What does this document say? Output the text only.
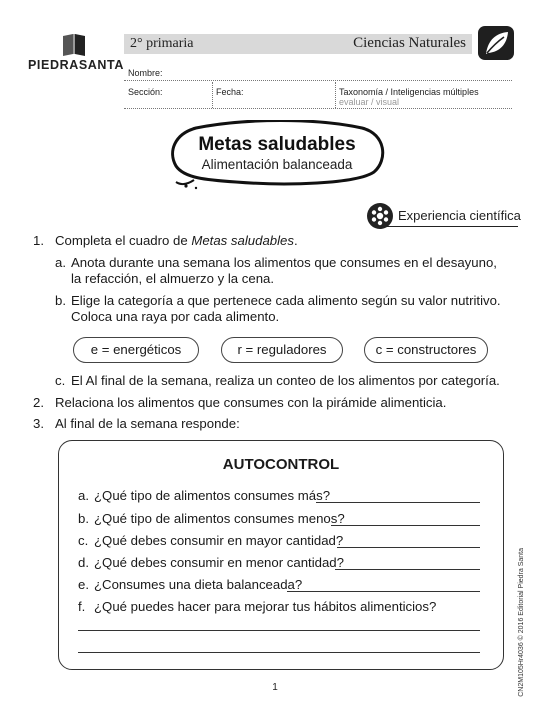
PIEDRASANTA
2° primaria	Ciencias Naturales
Nombre:
Sección:	Fecha:	Taxonomía / Inteligencias múltiples
evaluar / visual
Metas saludables
Alimentación balanceada
Experiencia científica
1. Completa el cuadro de Metas saludables.
a. Anota durante una semana los alimentos que consumes en el desayuno,
la refacción, el almuerzo y la cena.
b. Elige la categoría a que pertenece cada alimento según su valor nutritivo.
Coloca una raya por cada alimento.
e = energéticos	r = reguladores	c = constructores
c. El Al final de la semana, realiza un conteo de los alimentos por categoría.
2. Relaciona los alimentos que consumes con la pirámide alimenticia.
3. Al final de la semana responde:
AUTOCONTROL
a. ¿Qué tipo de alimentos consumes más?
b. ¿Qué tipo de alimentos consumes menos?
c. ¿Qué debes consumir en mayor cantidad?
d. ¿Qué debes consumir en menor cantidad?
e. ¿Consumes una dieta balanceada?
f. ¿Qué puedes hacer para mejorar tus hábitos alimenticios?	CN2M105Hr4036 © 2016 Editorial Piedra Santa
1
